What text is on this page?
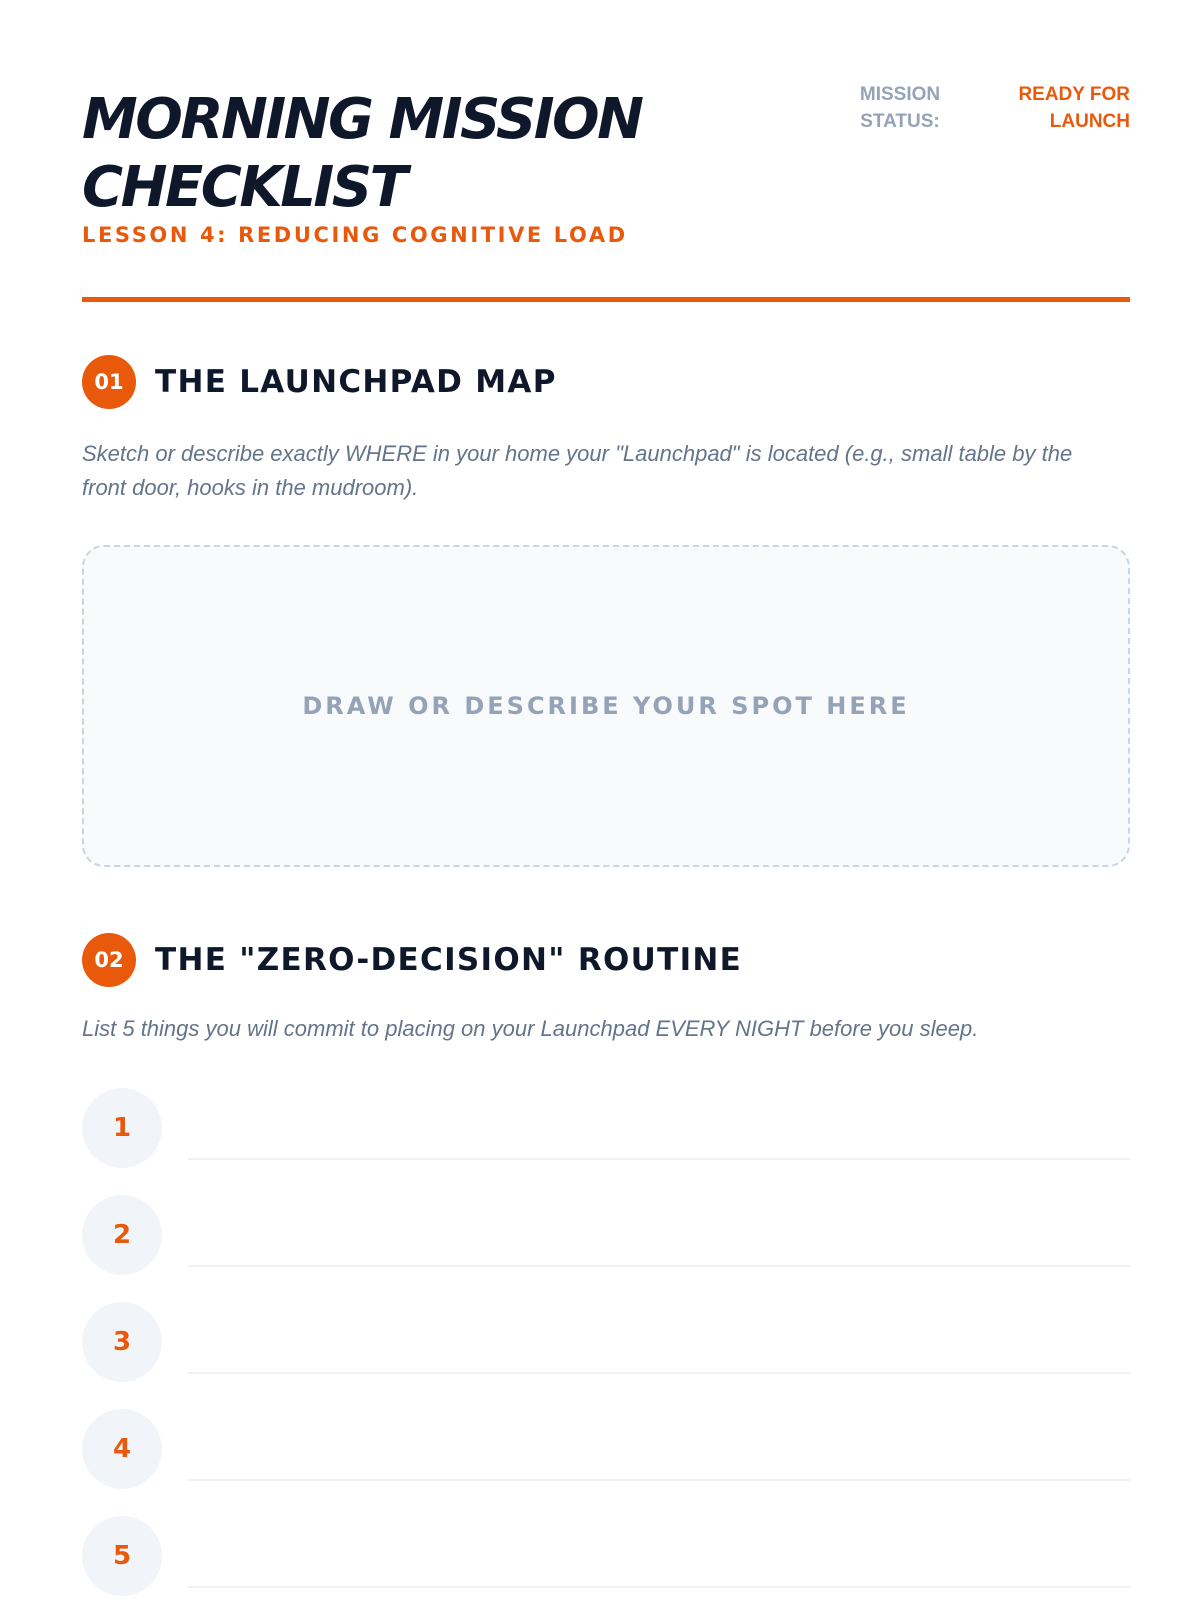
MORNING MISSION CHECKLIST
LESSON 4: REDUCING COGNITIVE LOAD
MISSION STATUS:
READY FOR LAUNCH
01	THE LAUNCHPAD MAP
Sketch or describe exactly WHERE in your home your "Launchpad" is located (e.g., small table by the front door, hooks in the mudroom).
DRAW OR DESCRIBE YOUR SPOT HERE
02	THE "ZERO-DECISION" ROUTINE
List 5 things you will commit to placing on your Launchpad EVERY NIGHT before you sleep.
1
2
3
4
5
